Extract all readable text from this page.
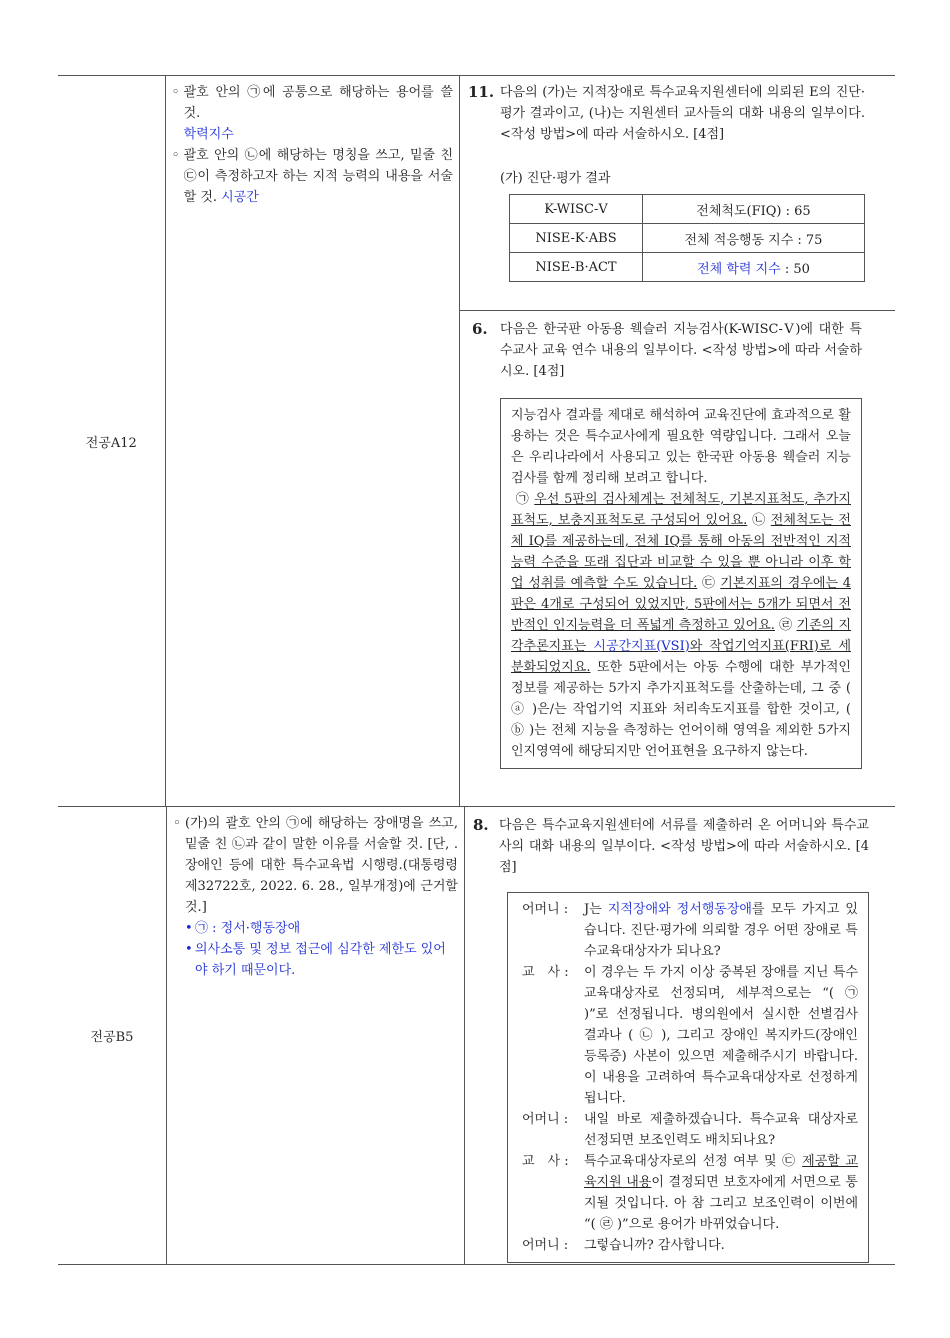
전공A12
◦ 괄호 안의 ㉠에 공통으로 해당하는 용어를 쓸 것.
학력지수
◦ 괄호 안의 ㉡에 해당하는 명칭을 쓰고, 밑줄 친 ㉢이 측정하고자 하는 지적 능력의 내용을 서술할 것. 시공간
11. 다음의 (가)는 지적장애로 특수교육지원센터에 의뢰된 E의 진단·평가 결과이고, (나)는 지원센터 교사들의 대화 내용의 일부이다. <작성 방법>에 따라 서술하시오. [4점]
(가) 진단·평가 결과
K-WISC-Ⅴ	전체척도(FIQ) : 65
NISE-K·ABS	전체 적응행동 지수 : 75
NISE-B·ACT	전체 학력 지수 : 50
6. 다음은 한국판 아동용 웩슬러 지능검사(K-WISC-Ⅴ)에 대한 특수교사 교육 연수 내용의 일부이다. <작성 방법>에 따라 서술하시오. [4점]
지능검사 결과를 제대로 해석하여 교육진단에 효과적으로 활용하는 것은 특수교사에게 필요한 역량입니다. 그래서 오늘은 우리나라에서 사용되고 있는 한국판 아동용 웩슬러 지능검사를 함께 정리해 보려고 합니다.
㉠ 우선 5판의 검사체계는 전체척도, 기본지표척도, 추가지표척도, 보충지표척도로 구성되어 있어요. ㉡ 전체척도는 전체 IQ를 제공하는데, 전체 IQ를 통해 아동의 전반적인 지적 능력 수준을 또래 집단과 비교할 수 있을 뿐 아니라 이후 학업 성취를 예측할 수도 있습니다. ㉢ 기본지표의 경우에는 4판은 4개로 구성되어 있었지만, 5판에서는 5개가 되면서 전반적인 인지능력을 더 폭넓게 측정하고 있어요. ㉣ 기존의 지각추론지표는 시공간지표(VSI)와 작업기억지표(FRI)로 세분화되었지요. 또한 5판에서는 아동 수행에 대한 부가적인 정보를 제공하는 5가지 추가지표척도를 산출하는데, 그 중 ( ⓐ )은/는 작업기억 지표와 처리속도지표를 합한 것이고, ( ⓑ )는 전체 지능을 측정하는 언어이해 영역을 제외한 5가지 인지영역에 해당되지만 언어표현을 요구하지 않는다.
전공B5
◦ (가)의 괄호 안의 ㉠에 해당하는 장애명을 쓰고, 밑줄 친 ㉡과 같이 말한 이유를 서술할 것. [단, . 장애인 등에 대한 특수교육법 시행령.(대통령령 제32722호, 2022. 6. 28., 일부개정)에 근거할 것.]
• ㉠ : 정서·행동장애
• 의사소통 및 정보 접근에 심각한 제한도 있어야 하기 때문이다.
8. 다음은 특수교육지원센터에 서류를 제출하러 온 어머니와 특수교사의 대화 내용의 일부이다. <작성 방법>에 따라 서술하시오. [4점]
어머니 :	J는 지적장애와 정서행동장애를 모두 가지고 있습니다. 진단·평가에 의뢰할 경우 어떤 장애로 특수교육대상자가 되나요?
교　사 :	이 경우는 두 가지 이상 중복된 장애를 지닌 특수교육대상자로 선정되며, 세부적으로는 “( ㉠ )”로 선정됩니다. 병의원에서 실시한 선별검사 결과나 ( ㉡ ), 그리고 장애인 복지카드(장애인 등록증) 사본이 있으면 제출해주시기 바랍니다. 이 내용을 고려하여 특수교육대상자로 선정하게 됩니다.
어머니 :	내일 바로 제출하겠습니다. 특수교육 대상자로 선정되면 보조인력도 배치되나요?
교　사 :	특수교육대상자로의 선정 여부 및 ㉢ 제공할 교육지원 내용이 결정되면 보호자에게 서면으로 통지될 것입니다. 아 참 그리고 보조인력이 이번에 “( ㉣ )”으로 용어가 바뀌었습니다.
어머니 :	그렇습니까? 감사합니다.
